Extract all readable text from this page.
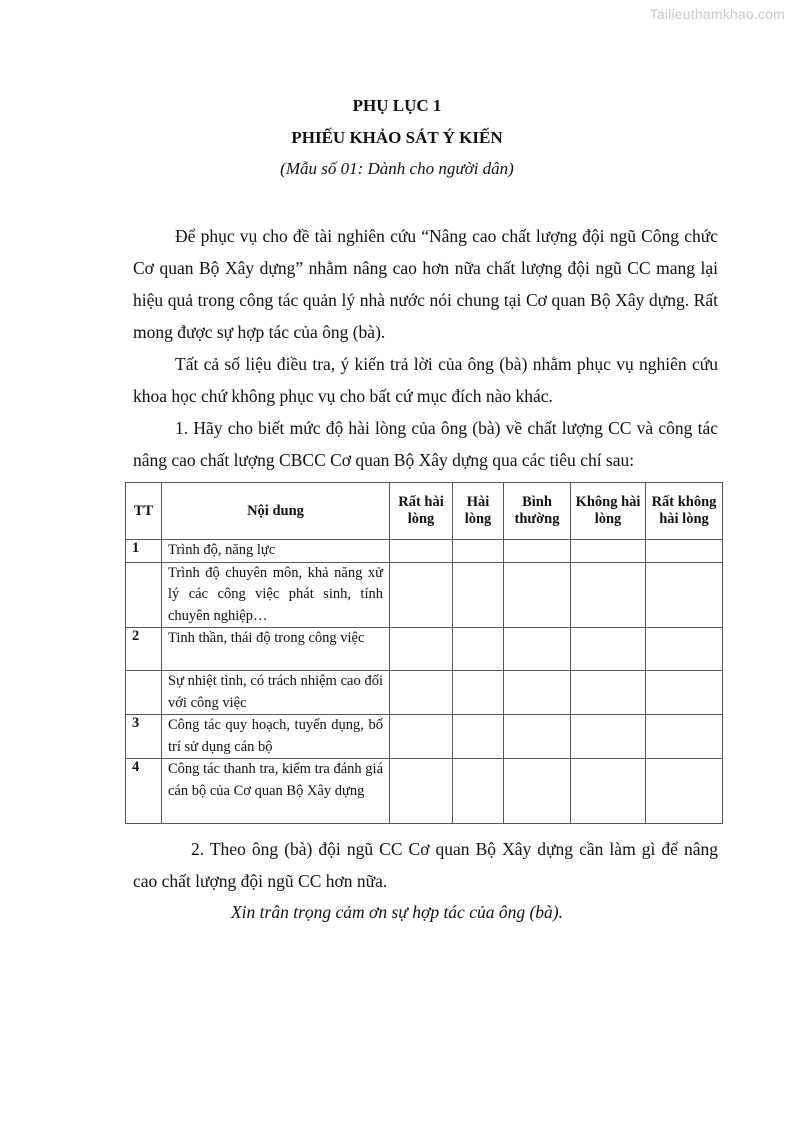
Tailieuthamkhao.com
PHỤ LỤC 1
PHIẾU KHẢO SÁT Ý KIẾN
(Mẫu số 01: Dành cho người dân)
Để phục vụ cho đề tài nghiên cứu “Nâng cao chất lượng đội ngũ Công chức Cơ quan Bộ Xây dựng” nhằm nâng cao hơn nữa chất lượng đội ngũ CC mang lại hiệu quả trong công tác quản lý nhà nước nói chung tại Cơ quan Bộ Xây dựng. Rất mong được sự hợp tác của ông (bà).
Tất cả số liệu điều tra, ý kiến trả lời của ông (bà) nhằm phục vụ nghiên cứu khoa học chứ không phục vụ cho bất cứ mục đích nào khác.
1. Hãy cho biết mức độ hài lòng của ông (bà) về chất lượng CC và công tác nâng cao chất lượng CBCC Cơ quan Bộ Xây dựng qua các tiêu chí sau:
TT	Nội dung	Rất hài lòng	Hài lòng	Bình thường	Không hài lòng	Rất không hài lòng
1	Trình độ, năng lực					
	Trình độ chuyên môn, khả năng xử lý các công việc phát sinh, tính chuyên nghiệp…					
2	Tinh thần, thái độ trong công việc					
	Sự nhiệt tình, có trách nhiệm cao đối với công việc					
3	Công tác quy hoạch, tuyển dụng, bố trí sử dụng cán bộ					
4	Công tác thanh tra, kiểm tra đánh giá cán bộ của Cơ quan Bộ Xây dựng					
2. Theo ông (bà) đội ngũ CC Cơ quan Bộ Xây dựng cần làm gì để nâng cao chất lượng đội ngũ CC hơn nữa.
Xin trân trọng cảm ơn sự hợp tác của ông (bà).
